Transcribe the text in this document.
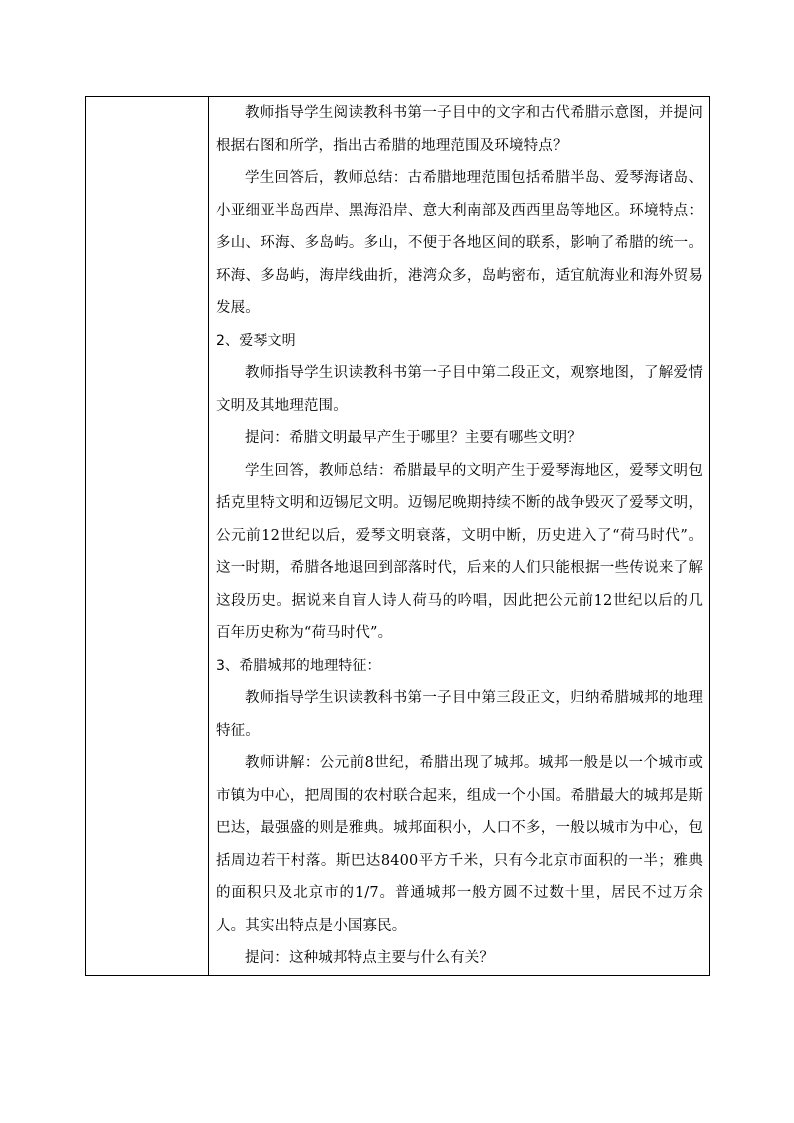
教师指导学生阅读教科书第一子目中的文字和古代希腊示意图，并提问根据右图和所学，指出古希腊的地理范围及环境特点？

学生回答后，教师总结：古希腊地理范围包括希腊半岛、爱琴海诸岛、小亚细亚半岛西岸、黑海沿岸、意大利南部及西西里岛等地区。环境特点：多山、环海、多岛屿。多山，不便于各地区间的联系，影响了希腊的统一。环海、多岛屿，海岸线曲折，港湾众多，岛屿密布，适宜航海业和海外贸易发展。

2、爱琴文明

教师指导学生识读教科书第一子目中第二段正文，观察地图，了解爱情文明及其地理范围。

提问：希腊文明最早产生于哪里？主要有哪些文明？

学生回答，教师总结：希腊最早的文明产生于爱琴海地区，爱琴文明包括克里特文明和迈锡尼文明。迈锡尼晚期持续不断的战争毁灭了爱琴文明，公元前12世纪以后，爱琴文明衰落，文明中断，历史进入了“荷马时代”。这一时期，希腊各地退回到部落时代，后来的人们只能根据一些传说来了解这段历史。据说来自盲人诗人荷马的吟唱，因此把公元前12世纪以后的几百年历史称为“荷马时代”。

3、希腊城邦的地理特征：

教师指导学生识读教科书第一子目中第三段正文，归纳希腊城邦的地理特征。

教师讲解：公元前8世纪，希腊出现了城邦。城邦一般是以一个城市或市镇为中心，把周围的农村联合起来，组成一个小国。希腊最大的城邦是斯巴达，最强盛的则是雅典。城邦面积小，人口不多，一般以城市为中心，包括周边若干村落。斯巴达8400平方千米，只有今北京市面积的一半；雅典的面积只及北京市的1/7。普通城邦一般方圆不过数十里，居民不过万余人。其实出特点是小国寡民。

提问：这种城邦特点主要与什么有关？
